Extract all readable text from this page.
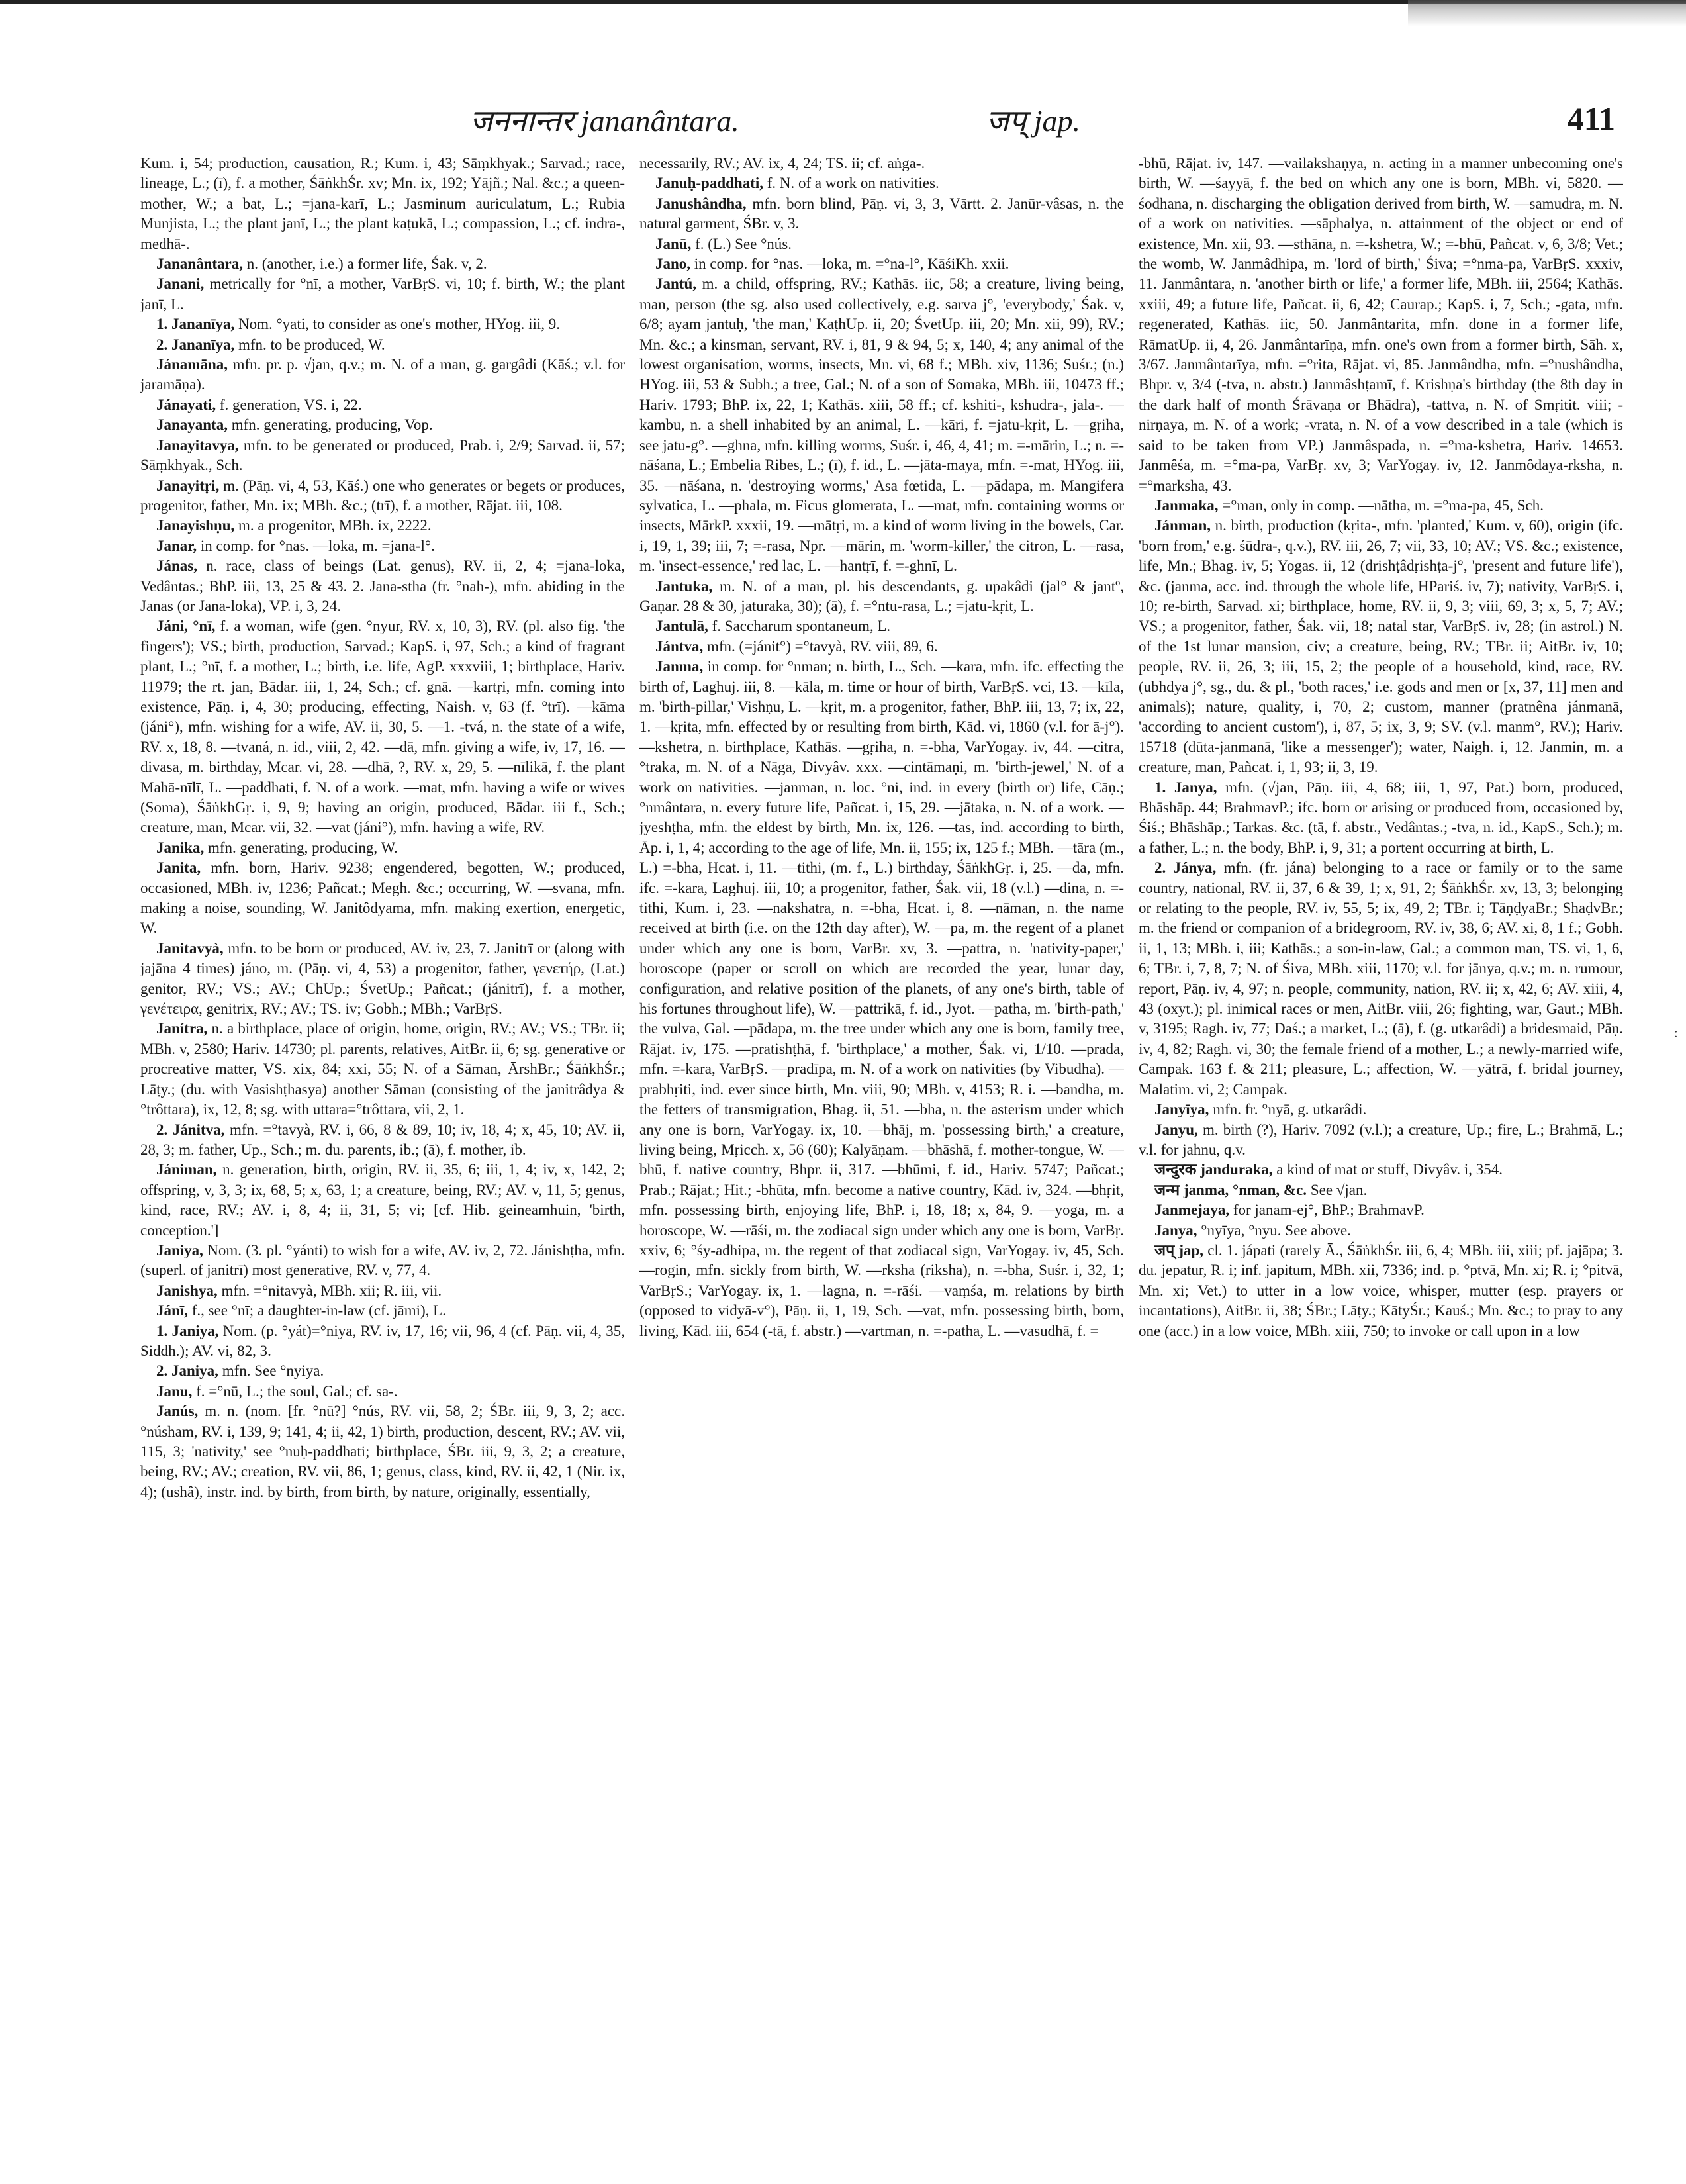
जननान्तर jananântara.	जप् jap.	411

Kum. i, 54; production, causation, R.; Kum. i, 43; Sāṃkhyak.; Sarvad.; race, lineage, L.; (ī), f. a mother, ŚāṅkhŚr. xv; Mn. ix, 192; Yājñ.; Nal. &c.; a queen-mother, W.; a bat, L.; =jana-karī, L.; Jasminum auriculatum, L.; Rubia Munjista, L.; the plant janī, L.; the plant kaṭukā, L.; compassion, L.; cf. indra-, medhā-.

Jananântara, n. (another, i.e.) a former life, Śak. v, 2.

Janani, metrically for °nī, a mother, VarBṛS. vi, 10; f. birth, W.; the plant janī, L.

1. Jananīya, Nom. °yati, to consider as one's mother, HYog. iii, 9.

2. Jananīya, mfn. to be produced, W.

Jánamāna, mfn. pr. p. √jan, q.v.; m. N. of a man, g. gargâdi (Kāś.; v.l. for jaramāṇa).

Jánayati, f. generation, VS. i, 22.

Janayanta, mfn. generating, producing, Vop.

Janayitavya, mfn. to be generated or produced, Prab. i, 2/9; Sarvad. ii, 57; Sāṃkhyak., Sch.

Janayitṛi, m. (Pāṇ. vi, 4, 53, Kāś.) one who generates or begets or produces, progenitor, father, Mn. ix; MBh. &c.; (trī), f. a mother, Rājat. iii, 108.

Janayishṇu, m. a progenitor, MBh. ix, 2222.

Janar, in comp. for °nas. —loka, m. =jana-l°.

Jánas, n. race, class of beings (Lat. genus), RV. ii, 2, 4; =jana-loka, Vedântas.; BhP. iii, 13, 25 & 43. 2. Jana-stha (fr. °nah-), mfn. abiding in the Janas (or Jana-loka), VP. i, 3, 24.

Jáni, °nī, f. a woman, wife (gen. °nyur, RV. x, 10, 3), RV. (pl. also fig. 'the fingers'); VS.; birth, production, Sarvad.; KapS. i, 97, Sch.; a kind of fragrant plant, L.; °nī, f. a mother, L.; birth, i.e. life, AgP. xxxviii, 1; birthplace, Hariv. 11979; the rt. jan, Bādar. iii, 1, 24, Sch.; cf. gnā. —kartṛi, mfn. coming into existence, Pāṇ. i, 4, 30; producing, effecting, Naish. v, 63 (f. °trī). —kāma (jáni°), mfn. wishing for a wife, AV. ii, 30, 5. —1. -tvá, n. the state of a wife, RV. x, 18, 8. —tvaná, n. id., viii, 2, 42. —dā, mfn. giving a wife, iv, 17, 16. —divasa, m. birthday, Mcar. vi, 28. —dhā, ?, RV. x, 29, 5. —nīlikā, f. the plant Mahā-nīlī, L. —paddhati, f. N. of a work. —mat, mfn. having a wife or wives (Soma), ŚāṅkhGṛ. i, 9, 9; having an origin, produced, Bādar. iii f., Sch.; creature, man, Mcar. vii, 32. —vat (jáni°), mfn. having a wife, RV.

Janika, mfn. generating, producing, W.

Janita, mfn. born, Hariv. 9238; engendered, begotten, W.; produced, occasioned, MBh. iv, 1236; Pañcat.; Megh. &c.; occurring, W. —svana, mfn. making a noise, sounding, W. Janitôdyama, mfn. making exertion, energetic, W.

Janitavyà, mfn. to be born or produced, AV. iv, 23, 7. Janitrī or (along with jajāna 4 times) jáno, m. (Pāṇ. vi, 4, 53) a progenitor, father, γενετήρ, (Lat.) genitor, RV.; VS.; AV.; ChUp.; ŚvetUp.; Pañcat.; (jánitrī), f. a mother, γενέτειρα, genitrix, RV.; AV.; TS. iv; Gobh.; MBh.; VarBṛS.

Janítra, n. a birthplace, place of origin, home, origin, RV.; AV.; VS.; TBr. ii; MBh. v, 2580; Hariv. 14730; pl. parents, relatives, AitBr. ii, 6; sg. generative or procreative matter, VS. xix, 84; xxi, 55; N. of a Sāman, ĀrshBr.; ŚāṅkhŚr.; Lāṭy.; (du. with Vasishṭhasya) another Sāman (consisting of the janitrâdya & °trôttara), ix, 12, 8; sg. with uttara=°trôttara, vii, 2, 1.

2. Jánitva, mfn. =°tavyà, RV. i, 66, 8 & 89, 10; iv, 18, 4; x, 45, 10; AV. ii, 28, 3; m. father, Up., Sch.; m. du. parents, ib.; (ā), f. mother, ib.

Jániman, n. generation, birth, origin, RV. ii, 35, 6; iii, 1, 4; iv, x, 142, 2; offspring, v, 3, 3; ix, 68, 5; x, 63, 1; a creature, being, RV.; AV. v, 11, 5; genus, kind, race, RV.; AV. i, 8, 4; ii, 31, 5; vi; [cf. Hib. geineamhuin, 'birth, conception.']

Janiya, Nom. (3. pl. °yánti) to wish for a wife, AV. iv, 2, 72. Jánishṭha, mfn. (superl. of janitrī) most generative, RV. v, 77, 4.

Janishya, mfn. =°nitavyà, MBh. xii; R. iii, vii.

Jánī, f., see °nī; a daughter-in-law (cf. jāmi), L.

1. Janiya, Nom. (p. °yát)=°niya, RV. iv, 17, 16; vii, 96, 4 (cf. Pāṇ. vii, 4, 35, Siddh.); AV. vi, 82, 3.

2. Janiya, mfn. See °nyiya.

Janu, f. =°nū, L.; the soul, Gal.; cf. sa-.

Janús, m. n. (nom. [fr. °nū?] °nús, RV. vii, 58, 2; ŚBr. iii, 9, 3, 2; acc. °núsham, RV. i, 139, 9; 141, 4; ii, 42, 1) birth, production, descent, RV.; AV. vii, 115, 3; 'nativity,' see °nuḥ-paddhati; birthplace, ŚBr. iii, 9, 3, 2; a creature, being, RV.; AV.; creation, RV. vii, 86, 1; genus, class, kind, RV. ii, 42, 1 (Nir. ix, 4); (ushâ), instr. ind. by birth, from birth, by nature, originally, essentially,

necessarily, RV.; AV. ix, 4, 24; TS. ii; cf. aṅga-.

Januḥ-paddhati, f. N. of a work on nativities.

Janushândha, mfn. born blind, Pāṇ. vi, 3, 3, Vārtt. 2. Janūr-vâsas, n. the natural garment, ŚBr. v, 3.

Janū, f. (L.) See °nús.

Jano, in comp. for °nas. —loka, m. =°na-l°, KāśiKh. xxii.

Jantú, m. a child, offspring, RV.; Kathās. iic, 58; a creature, living being, man, person (the sg. also used collectively, e.g. sarva j°, 'everybody,' Śak. v, 6/8; ayam jantuḥ, 'the man,' KaṭhUp. ii, 20; ŚvetUp. iii, 20; Mn. xii, 99), RV.; Mn. &c.; a kinsman, servant, RV. i, 81, 9 & 94, 5; x, 140, 4; any animal of the lowest organisation, worms, insects, Mn. vi, 68 f.; MBh. xiv, 1136; Suśr.; (n.) HYog. iii, 53 & Subh.; a tree, Gal.; N. of a son of Somaka, MBh. iii, 10473 ff.; Hariv. 1793; BhP. ix, 22, 1; Kathās. xiii, 58 ff.; cf. kshiti-, kshudra-, jala-. —kambu, n. a shell inhabited by an animal, L. —kāri, f. =jatu-kṛit, L. —gṛiha, see jatu-g°. —ghna, mfn. killing worms, Suśr. i, 46, 4, 41; m. =-mārin, L.; n. =-nāśana, L.; Embelia Ribes, L.; (ī), f. id., L. —jāta-maya, mfn. =-mat, HYog. iii, 35. —nāśana, n. 'destroying worms,' Asa fœtida, L. —pādapa, m. Mangifera sylvatica, L. —phala, m. Ficus glomerata, L. —mat, mfn. containing worms or insects, MārkP. xxxii, 19. —mātṛi, m. a kind of worm living in the bowels, Car. i, 19, 1, 39; iii, 7; =-rasa, Npr. —mārin, m. 'worm-killer,' the citron, L. —rasa, m. 'insect-essence,' red lac, L. —hantṛī, f. =-ghnī, L.

Jantuka, m. N. of a man, pl. his descendants, g. upakâdi (jal° & jantº, Gaṇar. 28 & 30, jaturaka, 30); (ā), f. =°ntu-rasa, L.; =jatu-kṛit, L.

Jantulā, f. Saccharum spontaneum, L.

Jántva, mfn. (=jánit°) =°tavyà, RV. viii, 89, 6.

Janma, in comp. for °nman; n. birth, L., Sch. —kara, mfn. ifc. effecting the birth of, Laghuj. iii, 8. —kāla, m. time or hour of birth, VarBṛS. vci, 13. —kīla, m. 'birth-pillar,' Vishṇu, L. —kṛit, m. a progenitor, father, BhP. iii, 13, 7; ix, 22, 1. —kṛita, mfn. effected by or resulting from birth, Kād. vi, 1860 (v.l. for ā-j°). —kshetra, n. birthplace, Kathās. —gṛiha, n. =-bha, VarYogay. iv, 44. —citra, °traka, m. N. of a Nāga, Divyâv. xxx. —cintāmaṇi, m. 'birth-jewel,' N. of a work on nativities. —janman, n. loc. °ni, ind. in every (birth or) life, Cāṇ.; °nmântara, n. every future life, Pañcat. i, 15, 29. —jātaka, n. N. of a work. —jyeshṭha, mfn. the eldest by birth, Mn. ix, 126. —tas, ind. according to birth, Āp. i, 1, 4; according to the age of life, Mn. ii, 155; ix, 125 f.; MBh. —tāra (m., L.) =-bha, Hcat. i, 11. —tithi, (m. f., L.) birthday, ŚāṅkhGṛ. i, 25. —da, mfn. ifc. =-kara, Laghuj. iii, 10; a progenitor, father, Śak. vii, 18 (v.l.) —dina, n. =-tithi, Kum. i, 23. —nakshatra, n. =-bha, Hcat. i, 8. —nāman, n. the name received at birth (i.e. on the 12th day after), W. —pa, m. the regent of a planet under which any one is born, VarBr. xv, 3. —pattra, n. 'nativity-paper,' horoscope (paper or scroll on which are recorded the year, lunar day, configuration, and relative position of the planets, of any one's birth, table of his fortunes throughout life), W. —pattrikā, f. id., Jyot. —patha, m. 'birth-path,' the vulva, Gal. —pādapa, m. the tree under which any one is born, family tree, Rājat. iv, 175. —pratishṭhā, f. 'birthplace,' a mother, Śak. vi, 1/10. —prada, mfn. =-kara, VarBṛS. —pradīpa, m. N. of a work on nativities (by Vibudha). —prabhṛiti, ind. ever since birth, Mn. viii, 90; MBh. v, 4153; R. i. —bandha, m. the fetters of transmigration, Bhag. ii, 51. —bha, n. the asterism under which any one is born, VarYogay. ix, 10. —bhāj, m. 'possessing birth,' a creature, living being, Mṛicch. x, 56 (60); Kalyāṇam. —bhāshā, f. mother-tongue, W. —bhū, f. native country, Bhpr. ii, 317. —bhūmi, f. id., Hariv. 5747; Pañcat.; Prab.; Rājat.; Hit.; -bhūta, mfn. become a native country, Kād. iv, 324. —bhṛit, mfn. possessing birth, enjoying life, BhP. i, 18, 18; x, 84, 9. —yoga, m. a horoscope, W. —rāśi, m. the zodiacal sign under which any one is born, VarBṛ. xxiv, 6; °śy-adhipa, m. the regent of that zodiacal sign, VarYogay. iv, 45, Sch. —rogin, mfn. sickly from birth, W. —rksha (riksha), n. =-bha, Suśr. i, 32, 1; VarBṛS.; VarYogay. ix, 1. —lagna, n. =-rāśi. —vaṃśa, m. relations by birth (opposed to vidyā-v°), Pāṇ. ii, 1, 19, Sch. —vat, mfn. possessing birth, born, living, Kād. iii, 654 (-tā, f. abstr.) —vartman, n. =-patha, L. —vasudhā, f. =

-bhū, Rājat. iv, 147. —vailakshaṇya, n. acting in a manner unbecoming one's birth, W. —śayyā, f. the bed on which any one is born, MBh. vi, 5820. —śodhana, n. discharging the obligation derived from birth, W. —samudra, m. N. of a work on nativities. —sāphalya, n. attainment of the object or end of existence, Mn. xii, 93. —sthāna, n. =-kshetra, W.; =-bhū, Pañcat. v, 6, 3/8; Vet.; the womb, W. Janmâdhipa, m. 'lord of birth,' Śiva; =°nma-pa, VarBṛS. xxxiv, 11. Janmântara, n. 'another birth or life,' a former life, MBh. iii, 2564; Kathās. xxiii, 49; a future life, Pañcat. ii, 6, 42; Caurap.; KapS. i, 7, Sch.; -gata, mfn. regenerated, Kathās. iic, 50. Janmântarita, mfn. done in a former life, RāmatUp. ii, 4, 26. Janmântarīṇa, mfn. one's own from a former birth, Sāh. x, 3/67. Janmântarīya, mfn. =°rita, Rājat. vi, 85. Janmândha, mfn. =°nushândha, Bhpr. v, 3/4 (-tva, n. abstr.) Janmâshṭamī, f. Krishṇa's birthday (the 8th day in the dark half of month Śrāvaṇa or Bhādra), -tattva, n. N. of Smṛitit. viii; -nirṇaya, m. N. of a work; -vrata, n. N. of a vow described in a tale (which is said to be taken from VP.) Janmâspada, n. =°ma-kshetra, Hariv. 14653. Janmêśa, m. =°ma-pa, VarBṛ. xv, 3; VarYogay. iv, 12. Janmôdaya-rksha, n. =°marksha, 43.

Janmaka, =°man, only in comp. —nātha, m. =°ma-pa, 45, Sch.

Jánman, n. birth, production (kṛita-, mfn. 'planted,' Kum. v, 60), origin (ifc. 'born from,' e.g. śūdra-, q.v.), RV. iii, 26, 7; vii, 33, 10; AV.; VS. &c.; existence, life, Mn.; Bhag. iv, 5; Yogas. ii, 12 (drishṭâdṛishṭa-j°, 'present and future life'), &c. (janma, acc. ind. through the whole life, HPariś. iv, 7); nativity, VarBṛS. i, 10; re-birth, Sarvad. xi; birthplace, home, RV. ii, 9, 3; viii, 69, 3; x, 5, 7; AV.; VS.; a progenitor, father, Śak. vii, 18; natal star, VarBṛS. iv, 28; (in astrol.) N. of the 1st lunar mansion, civ; a creature, being, RV.; TBr. ii; AitBr. iv, 10; people, RV. ii, 26, 3; iii, 15, 2; the people of a household, kind, race, RV. (ubhdya j°, sg., du. & pl., 'both races,' i.e. gods and men or [x, 37, 11] men and animals); nature, quality, i, 70, 2; custom, manner (pratnêna jánmanā, 'according to ancient custom'), i, 87, 5; ix, 3, 9; SV. (v.l. manm°, RV.); Hariv. 15718 (dūta-janmanā, 'like a messenger'); water, Naigh. i, 12. Janmin, m. a creature, man, Pañcat. i, 1, 93; ii, 3, 19.

1. Janya, mfn. (√jan, Pāṇ. iii, 4, 68; iii, 1, 97, Pat.) born, produced, Bhāshāp. 44; BrahmavP.; ifc. born or arising or produced from, occasioned by, Śiś.; Bhāshāp.; Tarkas. &c. (tā, f. abstr., Vedântas.; -tva, n. id., KapS., Sch.); m. a father, L.; n. the body, BhP. i, 9, 31; a portent occurring at birth, L.

2. Jánya, mfn. (fr. jána) belonging to a race or family or to the same country, national, RV. ii, 37, 6 & 39, 1; x, 91, 2; ŚāṅkhŚr. xv, 13, 3; belonging or relating to the people, RV. iv, 55, 5; ix, 49, 2; TBr. i; TāṇḍyaBr.; ShaḍvBr.; m. the friend or companion of a bridegroom, RV. iv, 38, 6; AV. xi, 8, 1 f.; Gobh. ii, 1, 13; MBh. i, iii; Kathās.; a son-in-law, Gal.; a common man, TS. vi, 1, 6, 6; TBr. i, 7, 8, 7; N. of Śiva, MBh. xiii, 1170; v.l. for jānya, q.v.; m. n. rumour, report, Pāṇ. iv, 4, 97; n. people, community, nation, RV. ii; x, 42, 6; AV. xiii, 4, 43 (oxyt.); pl. inimical races or men, AitBr. viii, 26; fighting, war, Gaut.; MBh. v, 3195; Ragh. iv, 77; Daś.; a market, L.; (ā), f. (g. utkarâdi) a bridesmaid, Pāṇ. iv, 4, 82; Ragh. vi, 30; the female friend of a mother, L.; a newly-married wife, Campak. 163 f. & 211; pleasure, L.; affection, W. —yātrā, f. bridal journey, Malatim. vi, 2; Campak.

Janyīya, mfn. fr. °nyā, g. utkarâdi.

Janyu, m. birth (?), Hariv. 7092 (v.l.); a creature, Up.; fire, L.; Brahmā, L.; v.l. for jahnu, q.v.

जन्दुरक janduraka, a kind of mat or stuff, Divyâv. i, 354.

जन्म janma, °nman, &c. See √jan.

Janmejaya, for janam-ej°, BhP.; BrahmavP.

Janya, °nyīya, °nyu. See above.

जप् jap, cl. 1. jápati (rarely Ā., ŚāṅkhŚr. iii, 6, 4; MBh. iii, xiii; pf. jajāpa; 3. du. jepatur, R. i; inf. japitum, MBh. xii, 7336; ind. p. °ptvā, Mn. xi; R. i; °pitvā, Mn. xi; Vet.) to utter in a low voice, whisper, mutter (esp. prayers or incantations), AitBr. ii, 38; ŚBr.; Lāṭy.; KātyŚr.; Kauś.; Mn. &c.; to pray to any one (acc.) in a low voice, MBh. xiii, 750; to invoke or call upon in a low

:
